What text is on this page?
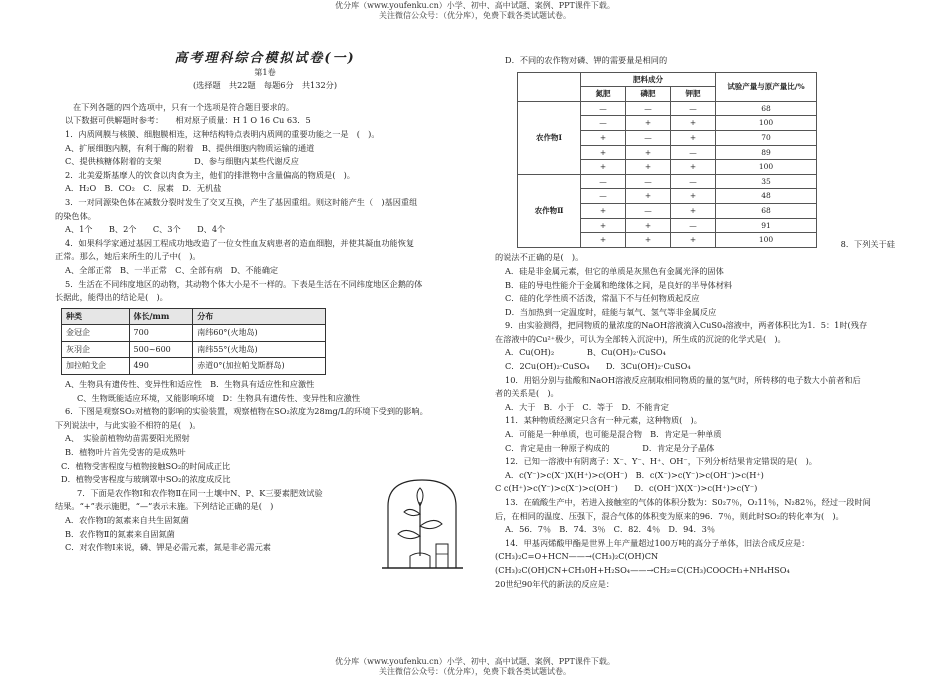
优分库（www.youfenku.cn）小学、初中、高中试题、案例、PPT课件下载。
关注微信公众号：（优分库），免费下载各类试题试卷。

高考理科综合模拟试卷(一)

第1卷

(选择题　共22题　每题6分　共132分)

在下列各题的四个选项中，只有一个选项是符合题目要求的。

以下数据可供解题时参考：　　相对原子质量：H 1 O 16 Cu 63．5

1．内质网膜与核膜、细胞膜相连，这种结构特点表明内质网的重要功能之一是　(　)。

A、扩展细胞内膜，有利于酶的附着　B、提供细胞内物质运输的通道

C、提供核糖体附着的支架　　　　D、参与细胞内某些代谢反应

2．北美爱斯基摩人的饮食以肉食为主，他们的排泄物中含量偏高的物质是(　)。

A．H₂O　B．CO₂　C．尿素　D．无机盐

3．一对同源染色体在减数分裂时发生了交叉互换，产生了基因重组。则这时能产生（　)基因重组

的染色体。

A、1个　　B、2个　　C、3个　　D、4个

4．如果科学家通过基因工程成功地改造了一位女性血友病患者的造血细胞，并使其凝血功能恢复

正常。那么，她后来所生的儿子中(　)。

A、全部正常　B、一半正常　C、全部有病　D、不能确定

5．生活在不同纬度地区的动物，其动物个体大小是不一样的。下表是生活在不同纬度地区企鹅的体

长据此，能得出的结论是(　)。

种类	体长/mm	分布
金冠企	700	南纬60°(火地岛)
灰羽企	500~600	南纬55°(火地岛)
加拉帕戈企	490	赤道0°(加拉帕戈斯群岛)

A、生物具有遗传性、变异性和适应性　B．生物具有适应性和应激性

C、生物既能适应环境，又能影响环境　D：生物具有遗传性、变异性和应激性

6．下图是观察SO₂对植物的影响的实验装置，观察植物在SO₂浓度为28mg/L的环境下受到的影响。

下列说法中，与此实验不相符的是(　)。

A、　实验前植物幼苗需要阳光照射

B．植物叶片首先受害的是成熟叶

C．植物受害程度与植物接触SO₂的时间成正比

D．植物受害程度与玻璃罩中SO₂的浓度成反比

7．下面是农作物Ⅰ和农作物Ⅱ在同一土壤中N、P、K三要素肥效试验

结果。“+”表示施肥，“—”表示未施。下列结论正确的是(　)

A．农作物Ⅰ的氮素来自共生固氮菌

B．农作物Ⅱ的氮素来自固氮菌

C．对农作物Ⅰ来说，磷、钾是必需元素，氮是非必需元素

D．不同的农作物对磷、钾的需要量是相同的

	肥料成分			试验产量与原产量比/%
	氮肥	磷肥	钾肥	
农作物Ⅰ	—	—	—	68
	—	+	+	100
	+	—	+	70
	+	+	—	89
	+	+	+	100
农作物Ⅱ	—	—	—	35
	—	+	+	48
	+	—	+	68
	+	+	—	91
	+	+	+	100	8．下列关于硅

的说法不正确的是(　)。

A．硅是非金属元素，但它的单质是灰黑色有金属光泽的固体

B．硅的导电性能介于金属和绝缘体之间，是良好的半导体材料

C．硅的化学性质不活泼，常温下不与任何物质起反应

D．当加热到一定温度时，硅能与氧气、氢气等非金属反应

9．由实验测得，把同物质的量浓度的NaOH溶液滴入CuS0₄溶液中，两者体积比为1．5：1时(残存

在溶液中的Cu²⁺极少，可认为全部转入沉淀中)，所生成的沉淀的化学式是(　)。

A．Cu(OH)₂　　　　B、Cu(OH)₂·CuSO₄

C．2Cu(OH)₂·CuSO₄　　D．3Cu(OH)₂·CuSO₄

10．用铝分别与盐酸和NaOH溶液反应制取相同物质的量的氢气时，所转移的电子数大小前者和后

者的关系是(　)。

A．大于　B．小于　C．等于　D．不能肯定

11．某种物质经测定只含有一种元素，这种物质(　)。

A．可能是一种单质，也可能是混合物　B．肯定是一种单质

C．肯定是由一种原子构成的　　　　D．肯定是分子晶体

12．已知一溶液中有阴离子：X⁻、Y⁻、H⁺、OH⁻，下列分析结果肯定错误的是(　)。

A．c(Y⁻)>c(X⁻)X(H⁺)>c(OH⁻)　B．c(X⁻)>c(Y⁻)>c(OH⁻)>c(H⁺)

C c(H⁺)>c(Y⁻)>c(X⁻)>c(OH⁻)　　D．c(OH⁻)X(X⁻)>c(H⁺)>c(Y⁻)

13．在硫酸生产中，若进入接触室的气体的体积分数为：S0₂7％，O₂11％，N₂82％，经过一段时间

后，在相同的温度、压强下，混合气体的体积变为原来的96．7％，则此时SO₂的转化率为(　)。

A．56．7％　B．74．3％　C．82．4％　D．94．3％

14．甲基丙烯酸甲酯是世界上年产量超过100万吨的高分子单体，旧法合成反应是：

(CH₃)₂C=O+HCN——→(CH₃)₂C(OH)CN

(CH₃)₂C(OH)CN+CH₃0H+H₂SO₄——→CH₂=C(CH₃)COOCH₃+NH₄HSO₄

20世纪90年代的新法的反应是：

优分库（www.youfenku.cn）小学、初中、高中试题、案例、PPT课件下载。
关注微信公众号：（优分库），免费下载各类试题试卷。
